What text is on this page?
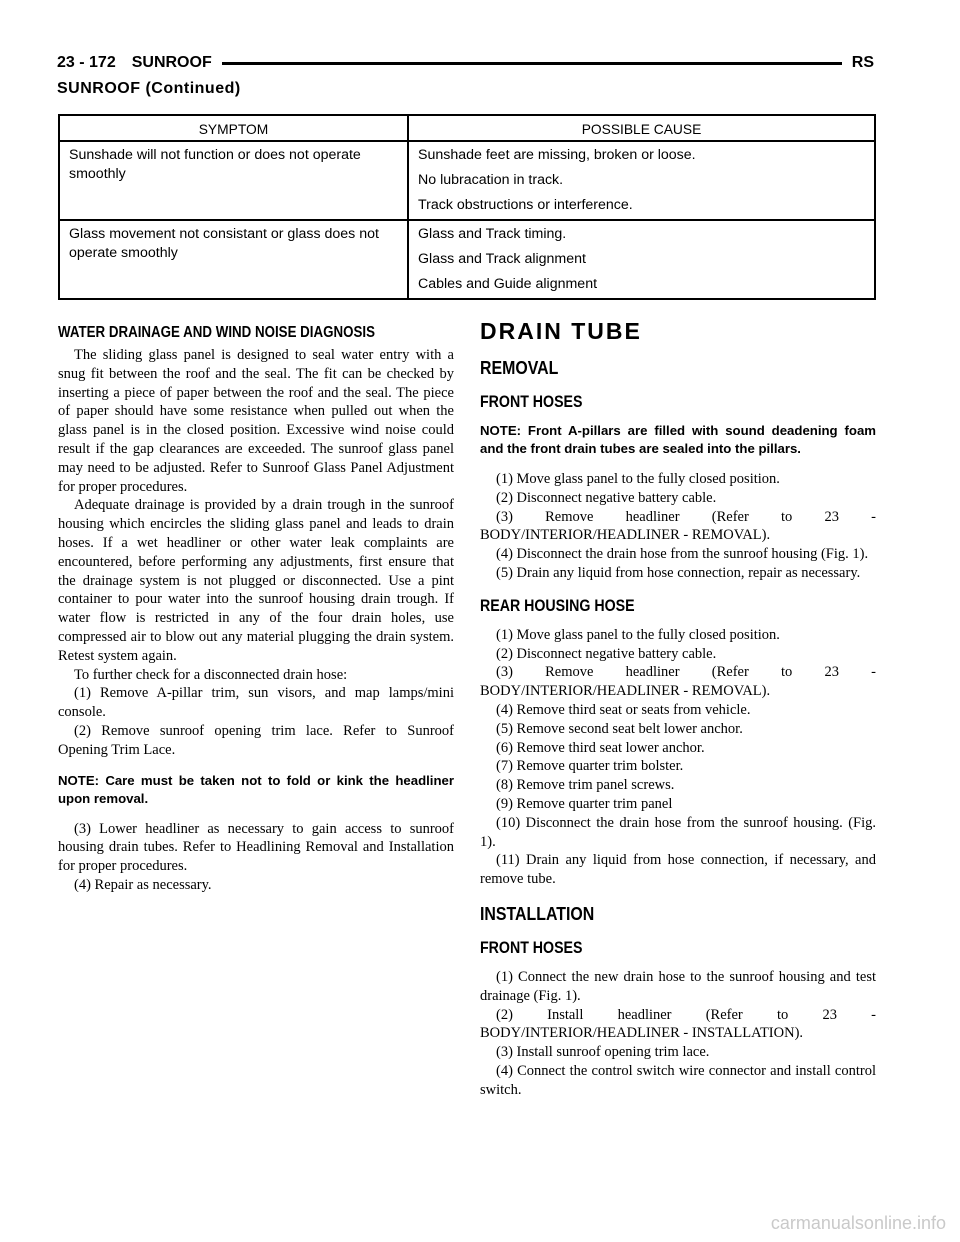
23 - 172 SUNROOF	RS
SUNROOF (Continued)
SYMPTOM	POSSIBLE CAUSE
Sunshade will not function or does not operate smoothly	Sunshade feet are missing, broken or loose.
No lubracation in track.
Track obstructions or interference.

Glass movement not consistant or glass does not operate smoothly	Glass and Track timing.
Glass and Track alignment
Cables and Guide alignment
WATER DRAINAGE AND WIND NOISE DIAGNOSIS

The sliding glass panel is designed to seal water entry with a snug fit between the roof and the seal. The fit can be checked by inserting a piece of paper between the roof and the seal. The piece of paper should have some resistance when pulled out when the glass panel is in the closed position. Excessive wind noise could result if the gap clearances are exceeded. The sunroof glass panel may need to be adjusted. Refer to Sunroof Glass Panel Adjustment for proper procedures.

Adequate drainage is provided by a drain trough in the sunroof housing which encircles the sliding glass panel and leads to drain hoses. If a wet headliner or other water leak complaints are encountered, before performing any adjustments, first ensure that the drainage system is not plugged or disconnected. Use a pint container to pour water into the sunroof housing drain trough. If water flow is restricted in any of the four drain holes, use compressed air to blow out any material plugging the drain system. Retest system again.

To further check for a disconnected drain hose:

(1) Remove A-pillar trim, sun visors, and map lamps/mini console.

(2) Remove sunroof opening trim lace. Refer to Sunroof Opening Trim Lace.

NOTE: Care must be taken not to fold or kink the headliner upon removal.

(3) Lower headliner as necessary to gain access to sunroof housing drain tubes. Refer to Headlining Removal and Installation for proper procedures.

(4) Repair as necessary.

DRAIN TUBE
REMOVAL
FRONT HOSES

NOTE: Front A-pillars are filled with sound deadening foam and the front drain tubes are sealed into the pillars.

(1) Move glass panel to the fully closed position.

(2) Disconnect negative battery cable.

(3) Remove headliner (Refer to 23 - BODY/INTERIOR/HEADLINER - REMOVAL).

(4) Disconnect the drain hose from the sunroof housing (Fig. 1).

(5) Drain any liquid from hose connection, repair as necessary.

REAR HOUSING HOSE

(1) Move glass panel to the fully closed position.

(2) Disconnect negative battery cable.

(3) Remove headliner (Refer to 23 - BODY/INTERIOR/HEADLINER - REMOVAL).

(4) Remove third seat or seats from vehicle.

(5) Remove second seat belt lower anchor.

(6) Remove third seat lower anchor.

(7) Remove quarter trim bolster.

(8) Remove trim panel screws.

(9) Remove quarter trim panel

(10) Disconnect the drain hose from the sunroof housing. (Fig. 1).

(11) Drain any liquid from hose connection, if necessary, and remove tube.

INSTALLATION
FRONT HOSES

(1) Connect the new drain hose to the sunroof housing and test drainage (Fig. 1).

(2) Install headliner (Refer to 23 - BODY/INTERIOR/HEADLINER - INSTALLATION).

(3) Install sunroof opening trim lace.

(4) Connect the control switch wire connector and install control switch.

carmanualsonline.info
